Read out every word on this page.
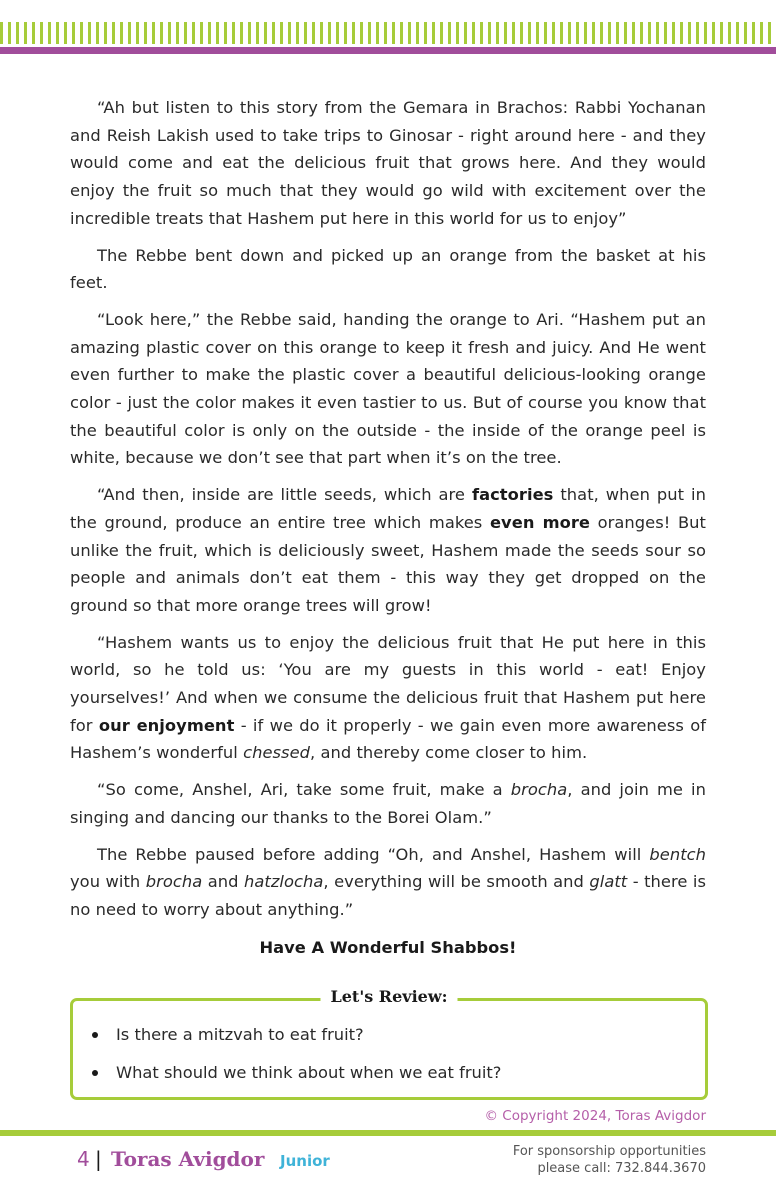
“Ah but listen to this story from the Gemara in Brachos: Rabbi Yochanan and Reish Lakish used to take trips to Ginosar - right around here - and they would come and eat the delicious fruit that grows here. And they would enjoy the fruit so much that they would go wild with excitement over the incredible treats that Hashem put here in this world for us to enjoy”

The Rebbe bent down and picked up an orange from the basket at his feet.

“Look here,” the Rebbe said, handing the orange to Ari. “Hashem put an amazing plastic cover on this orange to keep it fresh and juicy. And He went even further to make the plastic cover a beautiful delicious-looking orange color - just the color makes it even tastier to us. But of course you know that the beautiful color is only on the outside - the inside of the orange peel is white, because we don’t see that part when it’s on the tree.

“And then, inside are little seeds, which are factories that, when put in the ground, produce an entire tree which makes even more oranges! But unlike the fruit, which is deliciously sweet, Hashem made the seeds sour so people and animals don’t eat them - this way they get dropped on the ground so that more orange trees will grow!

“Hashem wants us to enjoy the delicious fruit that He put here in this world, so he told us: ‘You are my guests in this world - eat! Enjoy yourselves!’ And when we consume the delicious fruit that Hashem put here for our enjoyment - if we do it properly - we gain even more awareness of Hashem’s wonderful chessed, and thereby come closer to him.

“So come, Anshel, Ari, take some fruit, make a brocha, and join me in singing and dancing our thanks to the Borei Olam.”

The Rebbe paused before adding “Oh, and Anshel, Hashem will bentch you with brocha and hatzlocha, everything will be smooth and glatt - there is no need to worry about anything.”

Have A Wonderful Shabbos!
Let's Review:
Is there a mitzvah to eat fruit?
What should we think about when we eat fruit?
© Copyright 2024, Toras Avigdor
4 | Toras Avigdor Junior
For sponsorship opportunities
please call: 732.844.3670
